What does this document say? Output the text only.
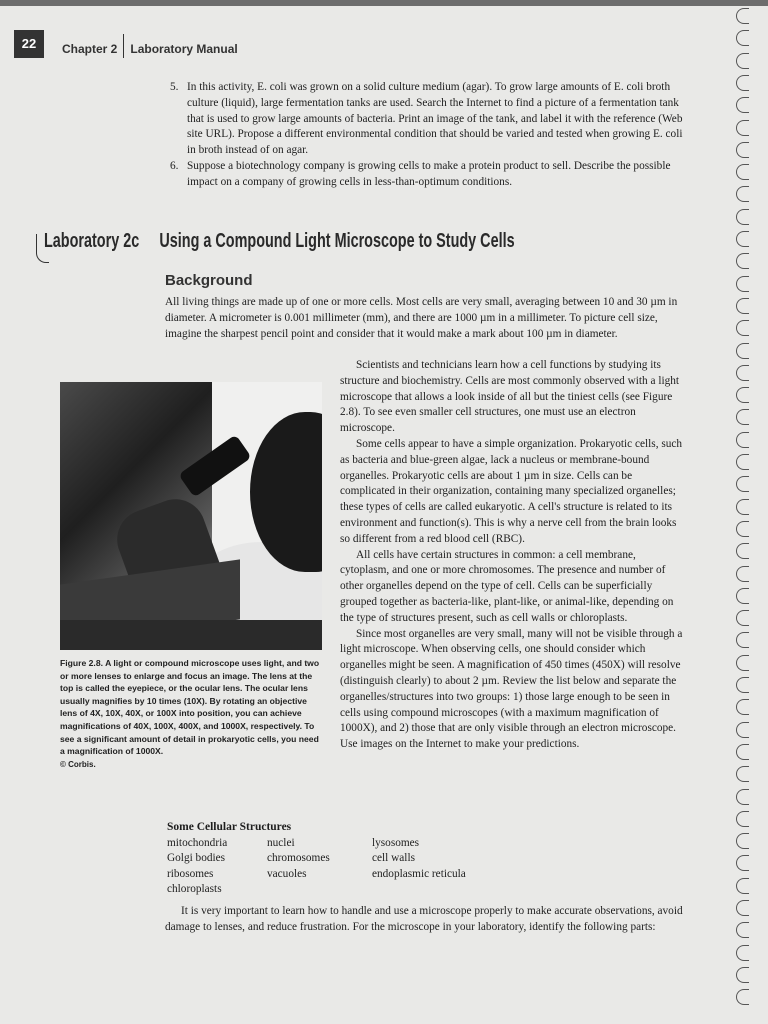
22	Chapter 2 Laboratory Manual

5. In this activity, E. coli was grown on a solid culture medium (agar). To grow large amounts of E. coli broth culture (liquid), large fermentation tanks are used. Search the Internet to find a picture of a fermentation tank that is used to grow large amounts of bacteria. Print an image of the tank, and label it with the reference (Web site URL). Propose a different environmental condition that should be varied and tested when growing E. coli in broth instead of on agar.

6. Suppose a biotechnology company is growing cells to make a protein product to sell. Describe the possible impact on a company of growing cells in less-than-optimum conditions.

Laboratory 2c Using a Compound Light Microscope to Study Cells
Background

All living things are made up of one or more cells. Most cells are very small, averaging between 10 and 30 µm in diameter. A micrometer is 0.001 millimeter (mm), and there are 1000 µm in a millimeter. To picture cell size, imagine the sharpest pencil point and consider that it would make a mark about 100 µm in diameter.

Figure 2.8. A light or compound microscope uses light, and two or more lenses to enlarge and focus an image. The lens at the top is called the eyepiece, or the ocular lens. The ocular lens usually magnifies by 10 times (10X). By rotating an objective lens of 4X, 10X, 40X, or 100X into position, you can achieve magnifications of 40X, 100X, 400X, and 1000X, respectively. To see a significant amount of detail in prokaryotic cells, you need a magnification of 1000X.
© Corbis.

Scientists and technicians learn how a cell functions by studying its structure and biochemistry. Cells are most commonly observed with a light microscope that allows a look inside of all but the tiniest cells (see Figure 2.8). To see even smaller cell structures, one must use an electron microscope.

Some cells appear to have a simple organization. Prokaryotic cells, such as bacteria and blue-green algae, lack a nucleus or membrane-bound organelles. Prokaryotic cells are about 1 µm in size. Cells can be complicated in their organization, containing many specialized organelles; these types of cells are called eukaryotic. A cell's structure is related to its environment and function(s). This is why a nerve cell from the brain looks so different from a red blood cell (RBC).

All cells have certain structures in common: a cell membrane, cytoplasm, and one or more chromosomes. The presence and number of other organelles depend on the type of cell. Cells can be superficially grouped together as bacteria-like, plant-like, or animal-like, depending on the type of structures present, such as cell walls or chloroplasts.

Since most organelles are very small, many will not be visible through a light microscope. When observing cells, one should consider which organelles might be seen. A magnification of 450 times (450X) will resolve (distinguish clearly) to about 2 µm. Review the list below and separate the organelles/structures into two groups: 1) those large enough to be seen in cells using compound microscopes (with a maximum magnification of 1000X), and 2) those that are only visible through an electron microscope. Use images on the Internet to make your predictions.

Some Cellular Structures
mitochondria
Golgi bodies
ribosomes
chloroplasts
nuclei
chromosomes
vacuoles
lysosomes
cell walls
endoplasmic reticula

It is very important to learn how to handle and use a microscope properly to make accurate observations, avoid damage to lenses, and reduce frustration. For the microscope in your laboratory, identify the following parts:
